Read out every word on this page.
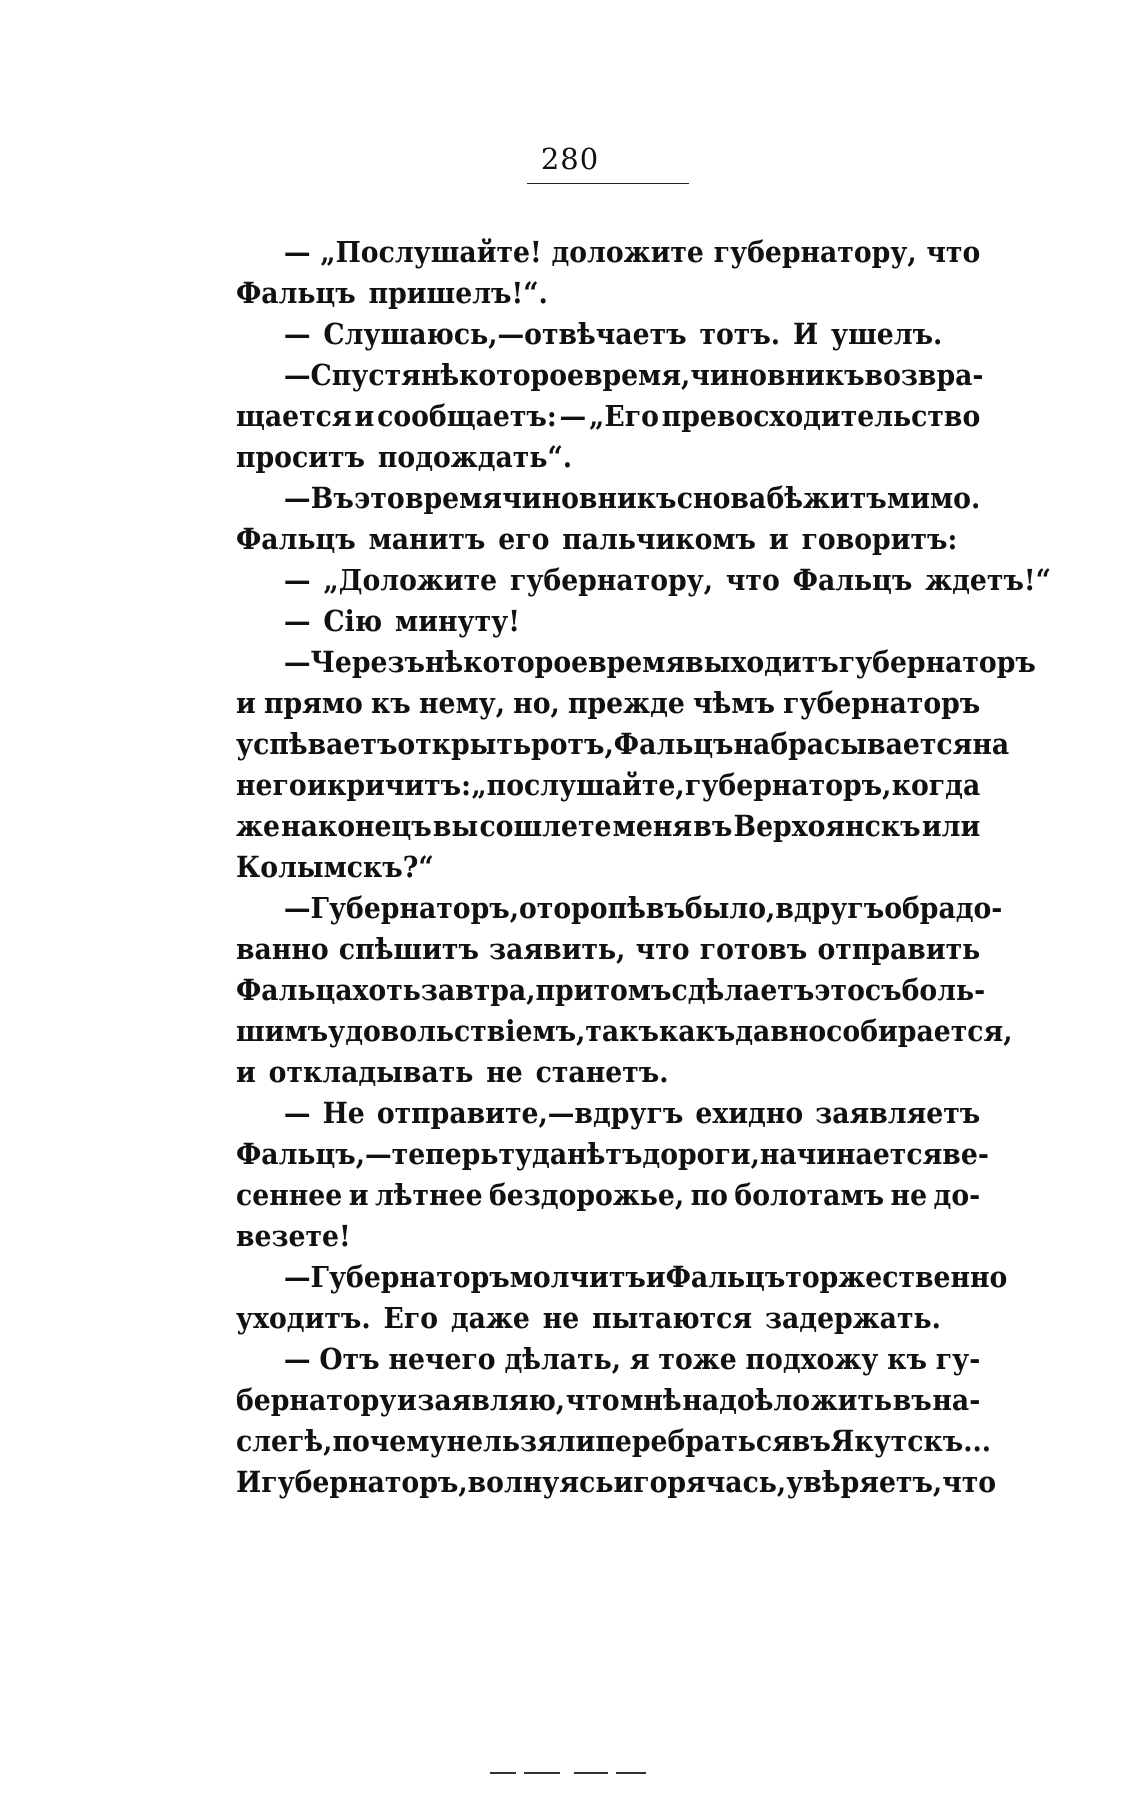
280
— „Послушайте! доложите губернатору, что
Фальцъ пришелъ!“.
— Слушаюсь,—отвѣчаетъ тотъ. И ушелъ.
— Спустя нѣкоторое время, чиновникъ возвра-
щается и сообщаетъ: — „Его превосходительство
проситъ подождать“.
— Въ это время чиновникъ снова бѣжитъ мимо.
Фальцъ манитъ его пальчикомъ и говоритъ:
— „Доложите губернатору, что Фальцъ ждетъ!“
— Сію минуту!
— Черезъ нѣкоторое время выходитъ губернаторъ
и прямо къ нему, но, прежде чѣмъ губернаторъ
успѣваетъ открыть ротъ, Фальцъ набрасывается на
него и кричитъ: „послушайте, губернаторъ, когда
же наконецъ вы сошлете меня въ Верхоянскъ или
Колымскъ?“
— Губернаторъ, оторопѣвъ было, вдругъ обрадо-
ванно спѣшитъ заявить, что готовъ отправить
Фальца хоть завтра, притомъ сдѣлаетъ это съ боль-
шимъ удовольствіемъ, такъ какъ давно собирается,
и откладывать не станетъ.
— Не отправите,—вдругъ ехидно заявляетъ
Фальцъ,—теперь туда нѣтъ дороги, начинается ве-
сеннее и лѣтнее бездорожье, по болотамъ не до-
везете!
— Губернаторъ молчитъ и Фальцъ торжественно
уходитъ. Его даже не пытаются задержать.
— Отъ нечего дѣлать, я тоже подхожу къ гу-
бернатору и заявляю, что мнѣ надоѣло жить въ на-
слегѣ, почему нельзя ли перебраться въ Якутскъ...
И губернаторъ, волнуясь и горячась, увѣряетъ, что
